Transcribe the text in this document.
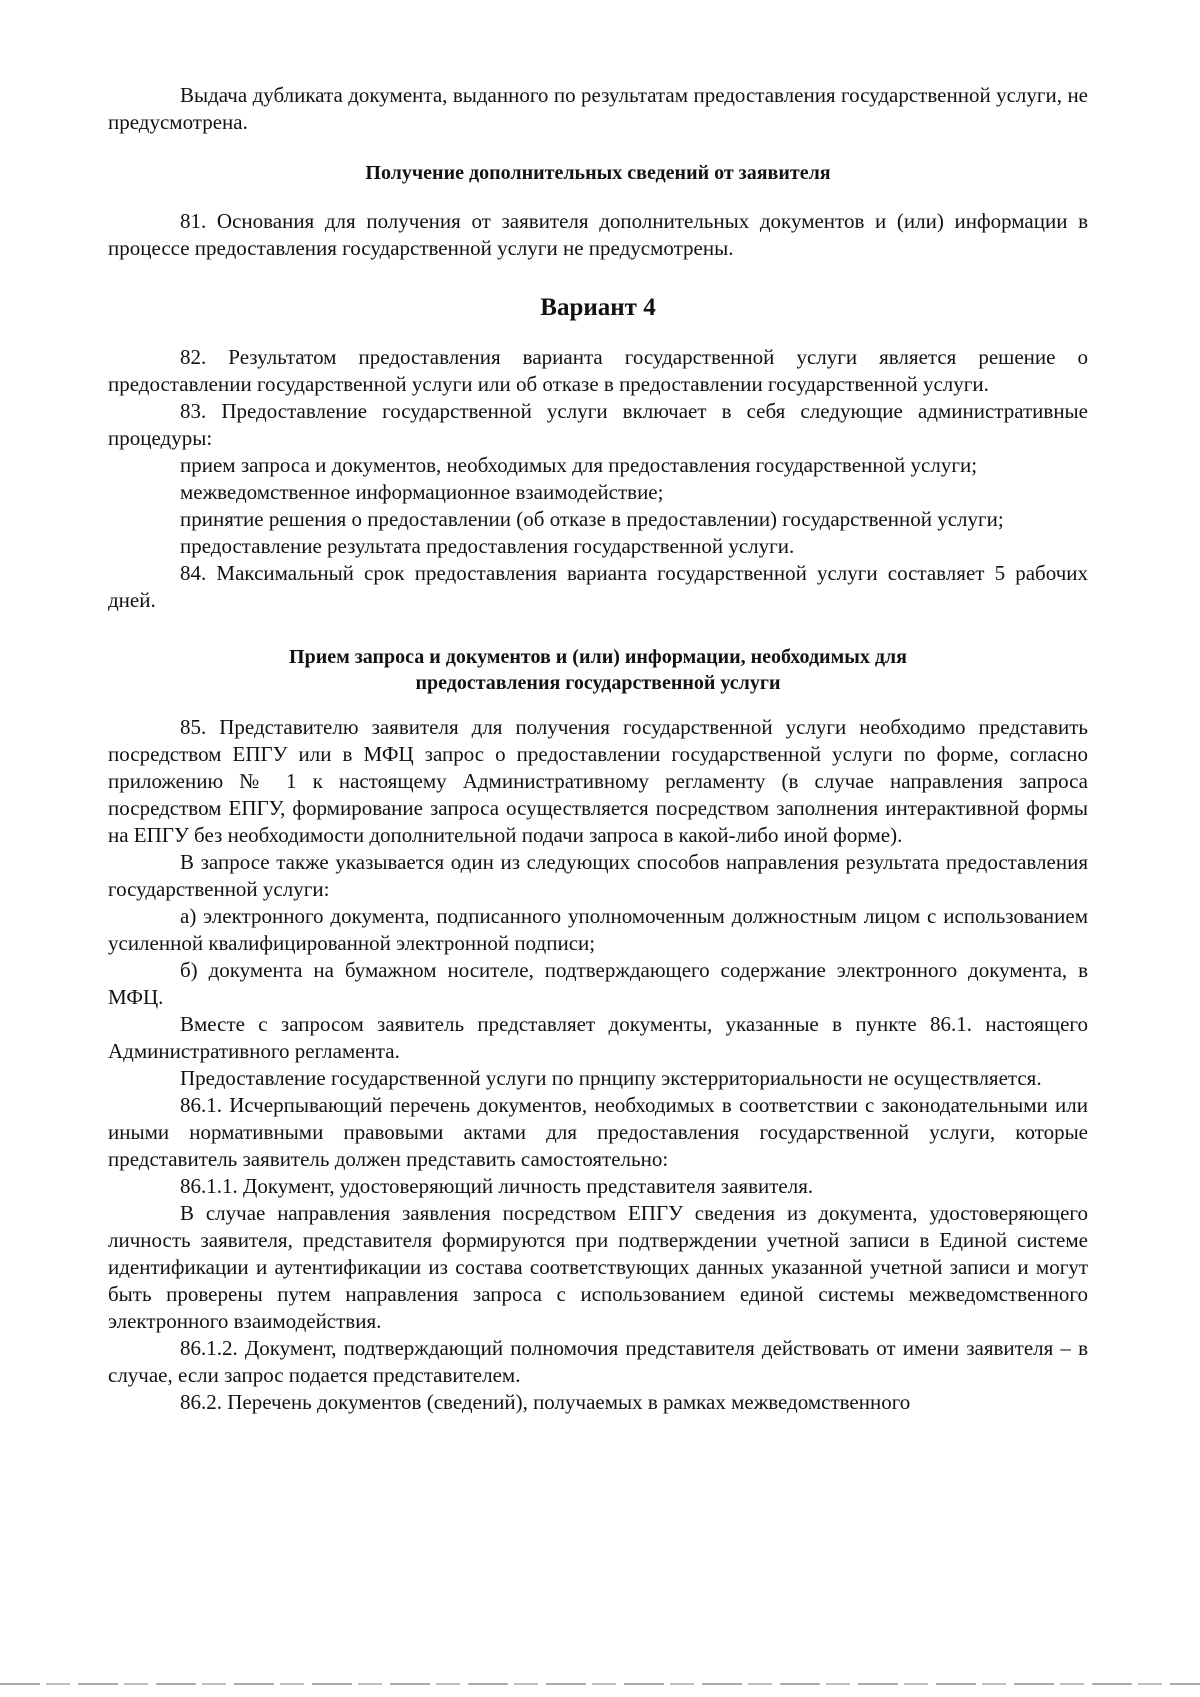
Выдача дубликата документа, выданного по результатам предоставления государственной услуги, не предусмотрена.

Получение дополнительных сведений от заявителя

81. Основания для получения от заявителя дополнительных документов и (или) информации в процессе предоставления государственной услуги не предусмотрены.

Вариант 4

82. Результатом предоставления варианта государственной услуги является решение о предоставлении государственной услуги или об отказе в предоставлении государственной услуги.

83. Предоставление государственной услуги включает в себя следующие административные процедуры:

прием запроса и документов, необходимых для предоставления государственной услуги;

межведомственное информационное взаимодействие;

принятие решения о предоставлении (об отказе в предоставлении) государственной услуги;

предоставление результата предоставления государственной услуги.

84. Максимальный срок предоставления варианта государственной услуги составляет 5 рабочих дней.

Прием запроса и документов и (или) информации, необходимых для
предоставления государственной услуги

85. Представителю заявителя для получения государственной услуги необходимо представить посредством ЕПГУ или в МФЦ запрос о предоставлении государственной услуги по форме, согласно приложению № 1 к настоящему Административному регламенту (в случае направления запроса посредством ЕПГУ, формирование запроса осуществляется посредством заполнения интерактивной формы на ЕПГУ без необходимости дополнительной подачи запроса в какой-либо иной форме).

В запросе также указывается один из следующих способов направления результата предоставления государственной услуги:

а) электронного документа, подписанного уполномоченным должностным лицом с использованием усиленной квалифицированной электронной подписи;

б) документа на бумажном носителе, подтверждающего содержание электронного документа, в МФЦ.

Вместе с запросом заявитель представляет документы, указанные в пункте 86.1. настоящего Административного регламента.

Предоставление государственной услуги по прнципу экстерриториальности не осуществляется.

86.1. Исчерпывающий перечень документов, необходимых в соответствии с законодательными или иными нормативными правовыми актами для предоставления государственной услуги, которые представитель заявитель должен представить самостоятельно:

86.1.1. Документ, удостоверяющий личность представителя заявителя.

В случае направления заявления посредством ЕПГУ сведения из документа, удостоверяющего личность заявителя, представителя формируются при подтверждении учетной записи в Единой системе идентификации и аутентификации из состава соответствующих данных указанной учетной записи и могут быть проверены путем направления запроса с использованием единой системы межведомственного электронного взаимодействия.

86.1.2. Документ, подтверждающий полномочия представителя действовать от имени заявителя – в случае, если запрос подается представителем.

86.2. Перечень документов (сведений), получаемых в рамках межведомственного
